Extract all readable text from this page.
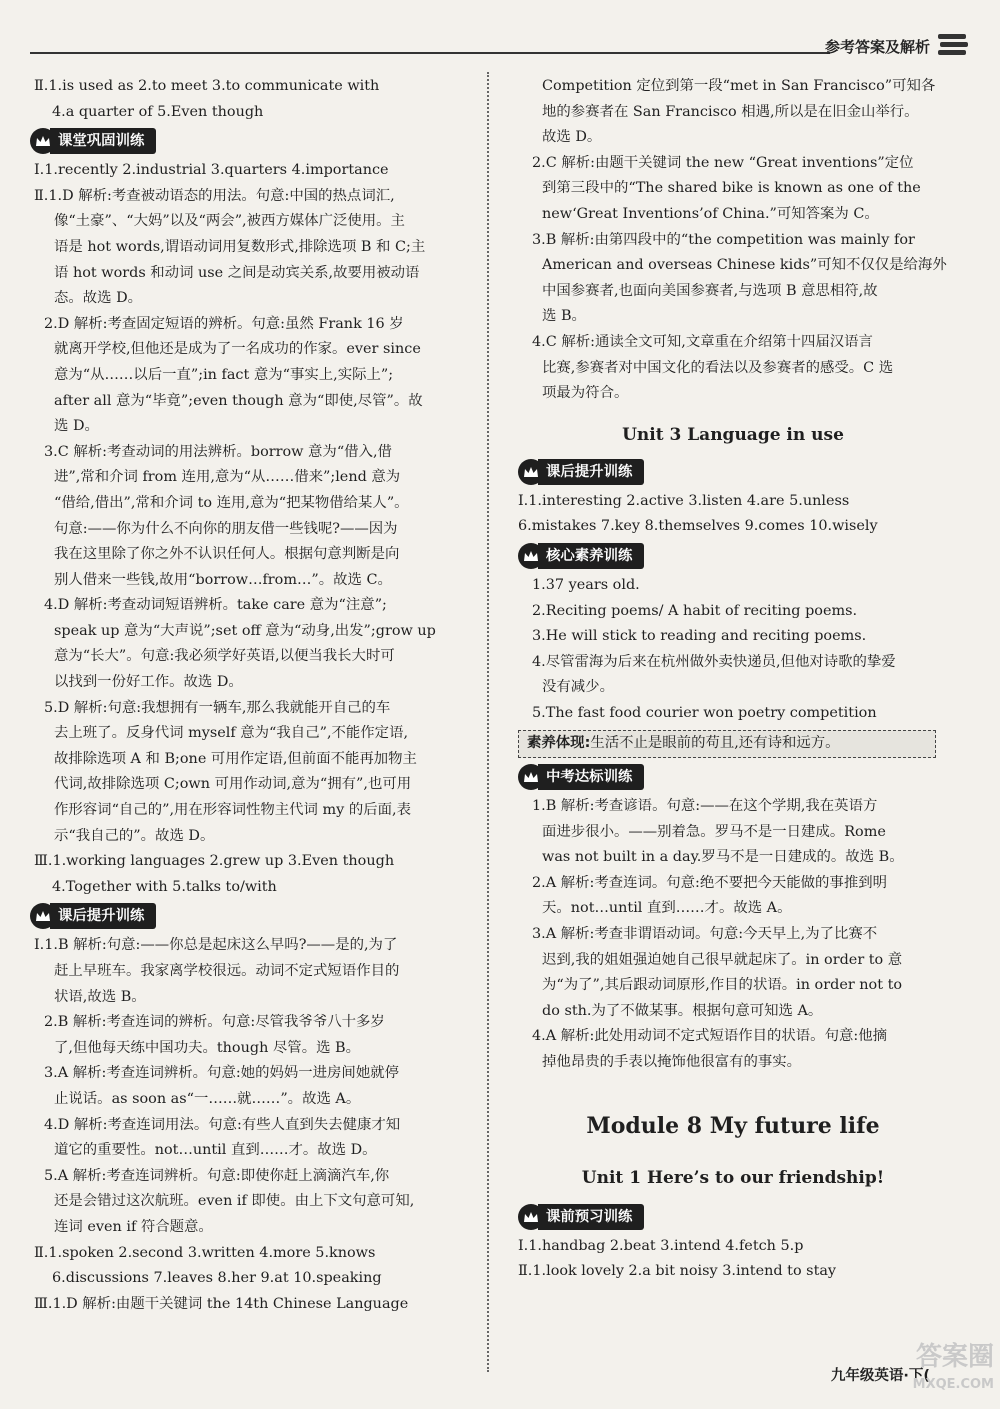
参考答案及解析
Ⅱ.1.is used as 2.to meet 3.to communicate with
4.a quarter of 5.Even though
课堂巩固训练
Ⅰ.1.recently 2.industrial 3.quarters 4.importance
Ⅱ.1.D 解析:考查被动语态的用法。句意:中国的热点词汇,
像“土豪”、“大妈”以及“两会”,被西方媒体广泛使用。主
语是 hot words,谓语动词用复数形式,排除选项 B 和 C;主
语 hot words 和动词 use 之间是动宾关系,故要用被动语
态。故选 D。
2.D 解析:考查固定短语的辨析。句意:虽然 Frank 16 岁
就离开学校,但他还是成为了一名成功的作家。ever since
意为“从……以后一直”;in fact 意为“事实上,实际上”;
after all 意为“毕竟”;even though 意为“即使,尽管”。故
选 D。
3.C 解析:考查动词的用法辨析。borrow 意为“借入,借
进”,常和介词 from 连用,意为“从……借来”;lend 意为
“借给,借出”,常和介词 to 连用,意为“把某物借给某人”。
句意:——你为什么不向你的朋友借一些钱呢?——因为
我在这里除了你之外不认识任何人。根据句意判断是向
别人借来一些钱,故用“borrow…from…”。故选 C。
4.D 解析:考查动词短语辨析。take care 意为“注意”;
speak up 意为“大声说”;set off 意为“动身,出发”;grow up
意为“长大”。句意:我必须学好英语,以便当我长大时可
以找到一份好工作。故选 D。
5.D 解析:句意:我想拥有一辆车,那么我就能开自己的车
去上班了。反身代词 myself 意为“我自己”,不能作定语,
故排除选项 A 和 B;one 可用作定语,但前面不能再加物主
代词,故排除选项 C;own 可用作动词,意为“拥有”,也可用
作形容词“自己的”,用在形容词性物主代词 my 的后面,表
示“我自己的”。故选 D。
Ⅲ.1.working languages 2.grew up 3.Even though
4.Together with 5.talks to/with
课后提升训练
Ⅰ.1.B 解析:句意:——你总是起床这么早吗?——是的,为了
赶上早班车。我家离学校很远。动词不定式短语作目的
状语,故选 B。
2.B 解析:考查连词的辨析。句意:尽管我爷爷八十多岁
了,但他每天练中国功夫。though 尽管。选 B。
3.A 解析:考查连词辨析。句意:她的妈妈一进房间她就停
止说话。as soon as“一……就……”。故选 A。
4.D 解析:考查连词用法。句意:有些人直到失去健康才知
道它的重要性。not…until 直到……才。故选 D。
5.A 解析:考查连词辨析。句意:即使你赶上滴滴汽车,你
还是会错过这次航班。even if 即使。由上下文句意可知,
连词 even if 符合题意。
Ⅱ.1.spoken 2.second 3.written 4.more 5.knows
6.discussions 7.leaves 8.her 9.at 10.speaking
Ⅲ.1.D 解析:由题干关键词 the 14th Chinese Language
Competition 定位到第一段“met in San Francisco”可知各
地的参赛者在 San Francisco 相遇,所以是在旧金山举行。
故选 D。
2.C 解析:由题干关键词 the new “Great inventions”定位
到第三段中的“The shared bike is known as one of the
new‘Great Inventions’of China.”可知答案为 C。
3.B 解析:由第四段中的“the competition was mainly for
American and overseas Chinese kids”可知不仅仅是给海外
中国参赛者,也面向美国参赛者,与选项 B 意思相符,故
选 B。
4.C 解析:通读全文可知,文章重在介绍第十四届汉语言
比赛,参赛者对中国文化的看法以及参赛者的感受。C 选
项最为符合。
Unit 3 Language in use
课后提升训练
Ⅰ.1.interesting 2.active 3.listen 4.are 5.unless
6.mistakes 7.key 8.themselves 9.comes 10.wisely
核心素养训练
1.37 years old.
2.Reciting poems/ A habit of reciting poems.
3.He will stick to reading and reciting poems.
4.尽管雷海为后来在杭州做外卖快递员,但他对诗歌的挚爱
没有减少。
5.The fast food courier won poetry competition
素养体现:生活不止是眼前的苟且,还有诗和远方。
中考达标训练
1.B 解析:考查谚语。句意:——在这个学期,我在英语方
面进步很小。——别着急。罗马不是一日建成。Rome
was not built in a day.罗马不是一日建成的。故选 B。
2.A 解析:考查连词。句意:绝不要把今天能做的事推到明
天。not…until 直到……才。故选 A。
3.A 解析:考查非谓语动词。句意:今天早上,为了比赛不
迟到,我的姐姐强迫她自己很早就起床了。in order to 意
为“为了”,其后跟动词原形,作目的状语。in order not to
do sth.为了不做某事。根据句意可知选 A。
4.A 解析:此处用动词不定式短语作目的状语。句意:他摘
掉他昂贵的手表以掩饰他很富有的事实。
Module 8 My future life
Unit 1 Here’s to our friendship!
课前预习训练
Ⅰ.1.handbag 2.beat 3.intend 4.fetch 5.p
Ⅱ.1.look lovely 2.a bit noisy 3.intend to stay
九年级英语·下(
答案圈
MXQE.COM
